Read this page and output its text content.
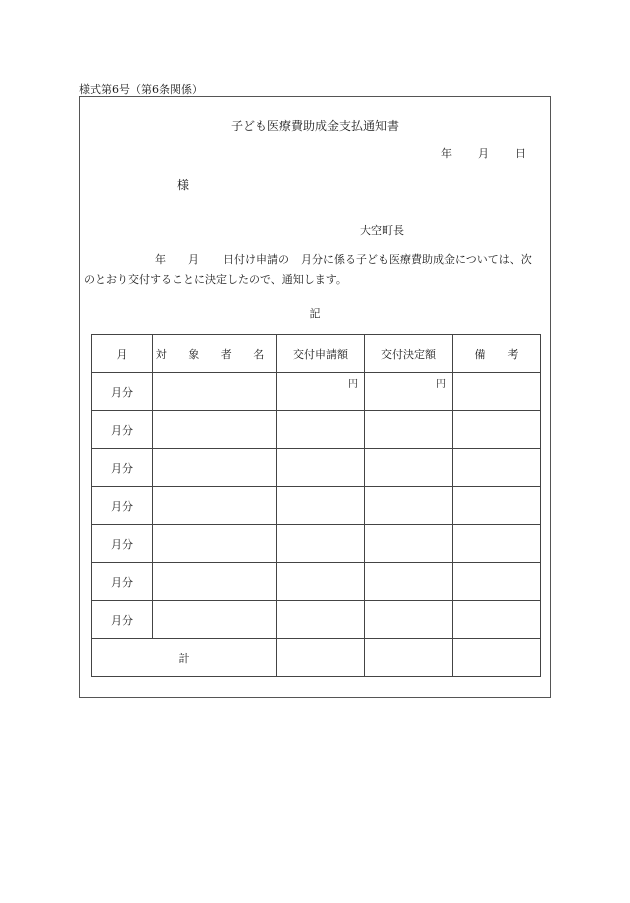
様式第6号（第6条関係）
子ども医療費助成金支払通知書
年 月 日
様
大空町長
年 月 日付け申請の 月分に係る子ども医療費助成金については、次
のとおり交付することに決定したので、通知します。
記
月	対 象 者 名	交付申請額	交付決定額	備　　考
月分		円	円	

月分				
月分				
月分				
月分				
月分				
月分				
計				
